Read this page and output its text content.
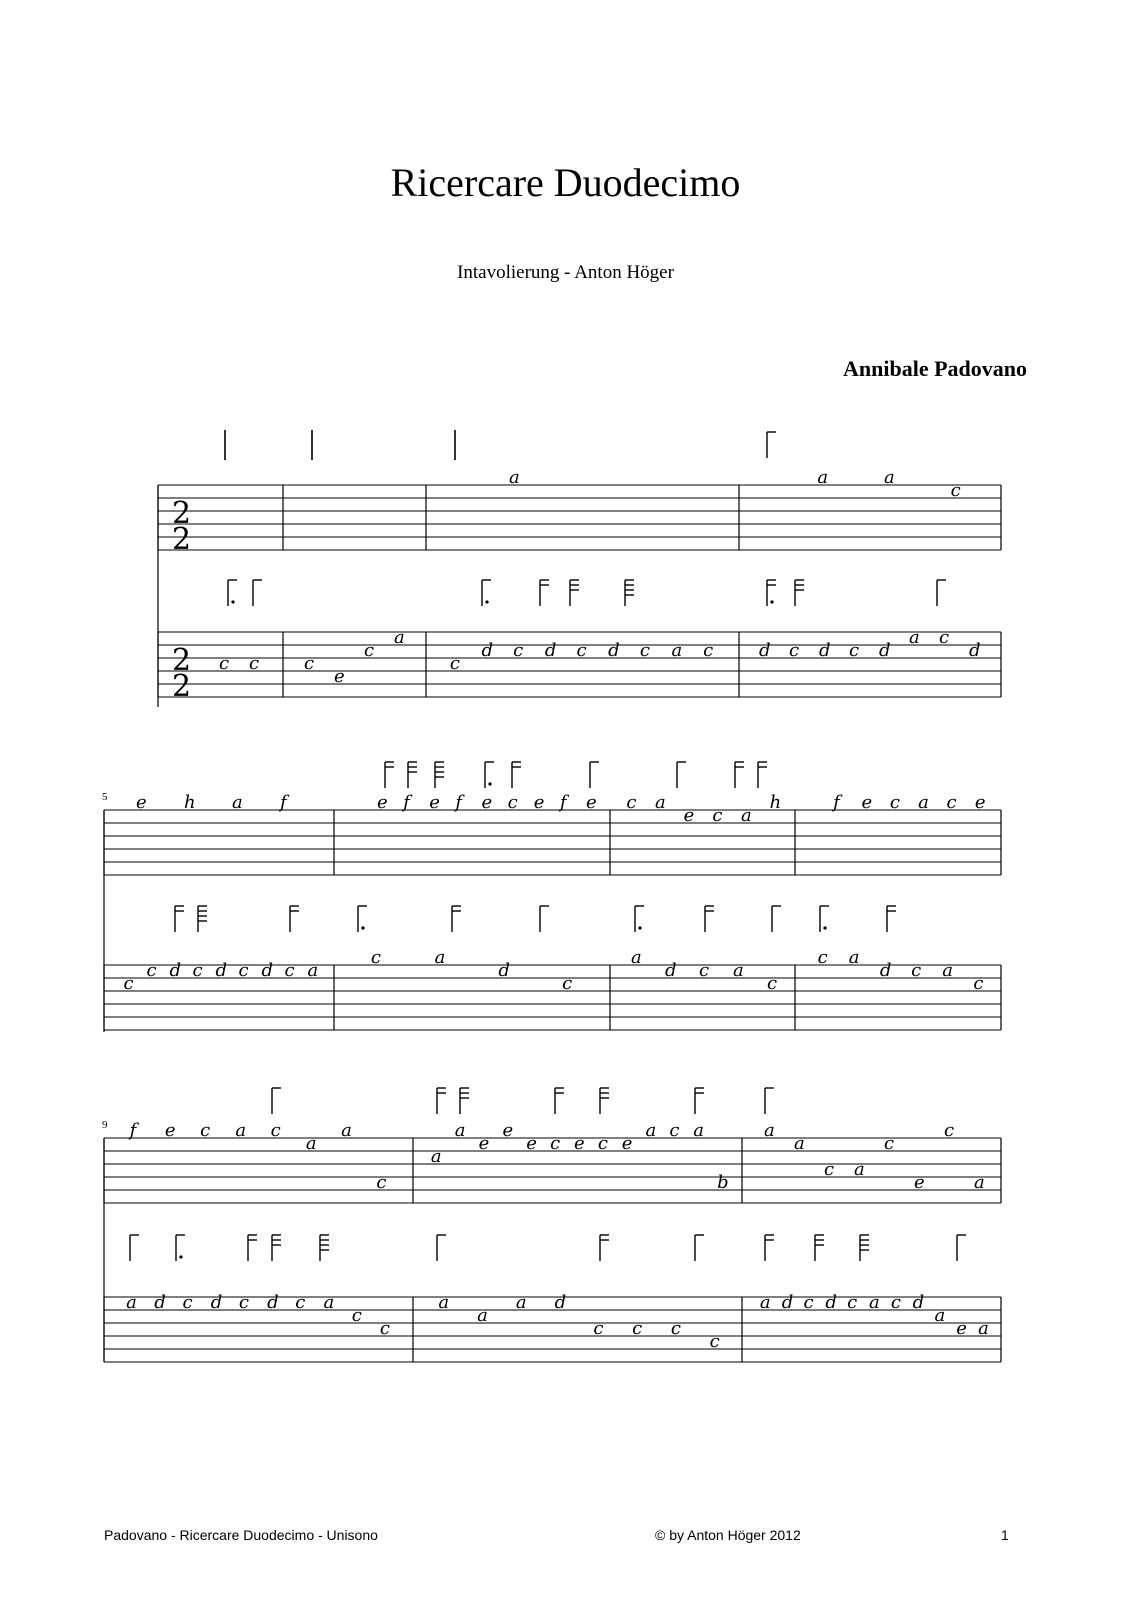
Ricercare Duodecimo
Intavolierung - Anton Höger
Annibale Padovano
2
2
2
2
a	a	a
c
c c c
e
c
a
c
d c d c d c a c	d c d c d
a c
d
5 e h a f	e f e f e c e f e c a
e c a
h	f e c a c e
c
c d c d c d c a
c	a
d
c
a
d c a
c
c a
d c a
c
9 f e c a c
a
a
c
a
a
e
e
e c e c e
a c a
b
a
a
c a
c
e
c
a
a d c d c d c a
c
c
a
a
a d
c c c
c
a d c d c a c d
a
e a
Padovano - Ricercare Duodecimo - Unisono	© by Anton Höger 2012	1
